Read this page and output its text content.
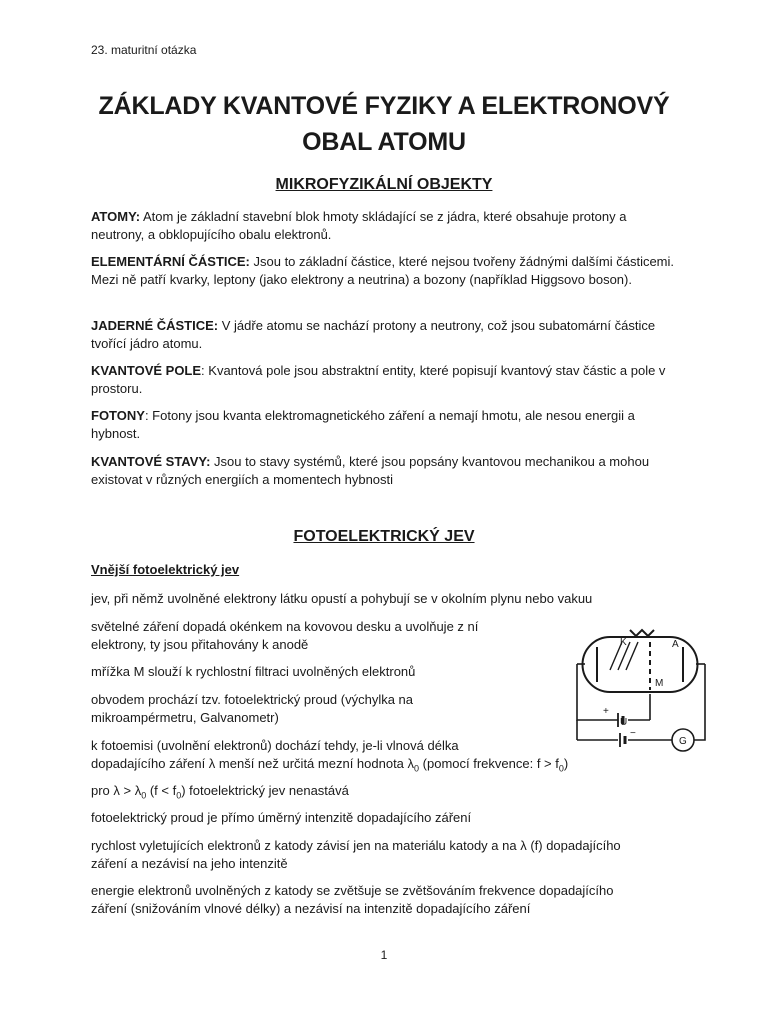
23. maturitní otázka
ZÁKLADY KVANTOVÉ FYZIKY A ELEKTRONOVÝ
OBAL ATOMU
MIKROFYZIKÁLNÍ OBJEKTY
ATOMY: Atom je základní stavební blok hmoty skládající se z jádra, které obsahuje protony a neutrony, a obklopujícího obalu elektronů.
ELEMENTÁRNÍ ČÁSTICE: Jsou to základní částice, které nejsou tvořeny žádnými dalšími částicemi. Mezi ně patří kvarky, leptony (jako elektrony a neutrina) a bozony (například Higgsovo boson).
JADERNÉ ČÁSTICE: V jádře atomu se nachází protony a neutrony, což jsou subatomární částice tvořící jádro atomu.
KVANTOVÉ POLE: Kvantová pole jsou abstraktní entity, které popisují kvantový stav částic a pole v prostoru.
FOTONY: Fotony jsou kvanta elektromagnetického záření a nemají hmotu, ale nesou energii a hybnost.
KVANTOVÉ STAVY: Jsou to stavy systémů, které jsou popsány kvantovou mechanikou a mohou existovat v různých energiích a momentech hybnosti
FOTOELEKTRICKÝ JEV
Vnější fotoelektrický jev
jev, při němž uvolněné elektrony látku opustí a pohybují se v okolním plynu nebo vakuu
světelné záření dopadá okénkem na kovovou desku a uvolňuje z ní
elektrony, ty jsou přitahovány k anodě
mřížka M slouží k rychlostní filtraci uvolněných elektronů
obvodem prochází tzv. fotoelektrický proud (výchylka na
mikroampérmetru, Galvanometr)
k fotoemisi (uvolnění elektronů) dochází tehdy, je-li vlnová délka
dopadajícího záření λ menší než určitá mezní hodnota $\lambda_0$ (pomocí frekvence: $f > f_0$)
pro $\lambda > \lambda_0$ $(f < f_0)$ fotoelektrický jev nenastává
fotoelektrický proud je přímo úměrný intenzitě dopadajícího záření
rychlost vyletujících elektronů z katody závisí jen na materiálu katody a na λ (f) dopadajícího
záření a nezávisí na jeho intenzitě
energie elektronů uvolněných z katody se zvětšuje se zvětšováním frekvence dopadajícího
záření (snižováním vlnové délky) a nezávisí na intenzitě dopadajícího záření
K	A
M
U
G
+
−
1
